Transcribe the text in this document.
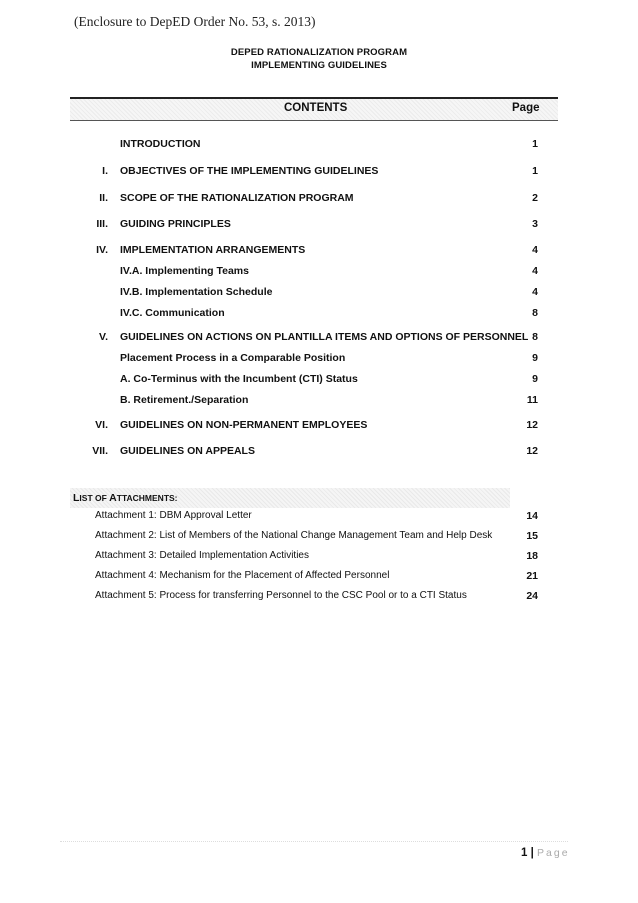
(Enclosure to DepED Order No. 53, s. 2013)
DEPED RATIONALIZATION PROGRAM
IMPLEMENTING GUIDELINES
CONTENTS	Page
INTRODUCTION	1
I. OBJECTIVES OF THE IMPLEMENTING GUIDELINES	1
II. SCOPE OF THE RATIONALIZATION PROGRAM	2
III. GUIDING PRINCIPLES	3
IV. IMPLEMENTATION ARRANGEMENTS	4
IV.A. Implementing Teams	4
IV.B. Implementation Schedule	4
IV.C. Communication	8
V. GUIDELINES ON ACTIONS ON PLANTILLA ITEMS AND OPTIONS OF PERSONNEL 8
Placement Process in a Comparable Position	9
A. Co-Terminus with the Incumbent (CTI) Status	9
B. Retirement./Separation	11
VI. GUIDELINES ON NON-PERMANENT EMPLOYEES	12
VII. GUIDELINES ON APPEALS	12
LIST OF ATTACHMENTS:
Attachment 1: DBM Approval Letter	14
Attachment 2: List of Members of the National Change Management Team and Help Desk	15
Attachment 3: Detailed Implementation Activities	18
Attachment 4: Mechanism for the Placement of Affected Personnel	21
Attachment 5: Process for transferring Personnel to the CSC Pool or to a CTI Status	24
1 | Page
